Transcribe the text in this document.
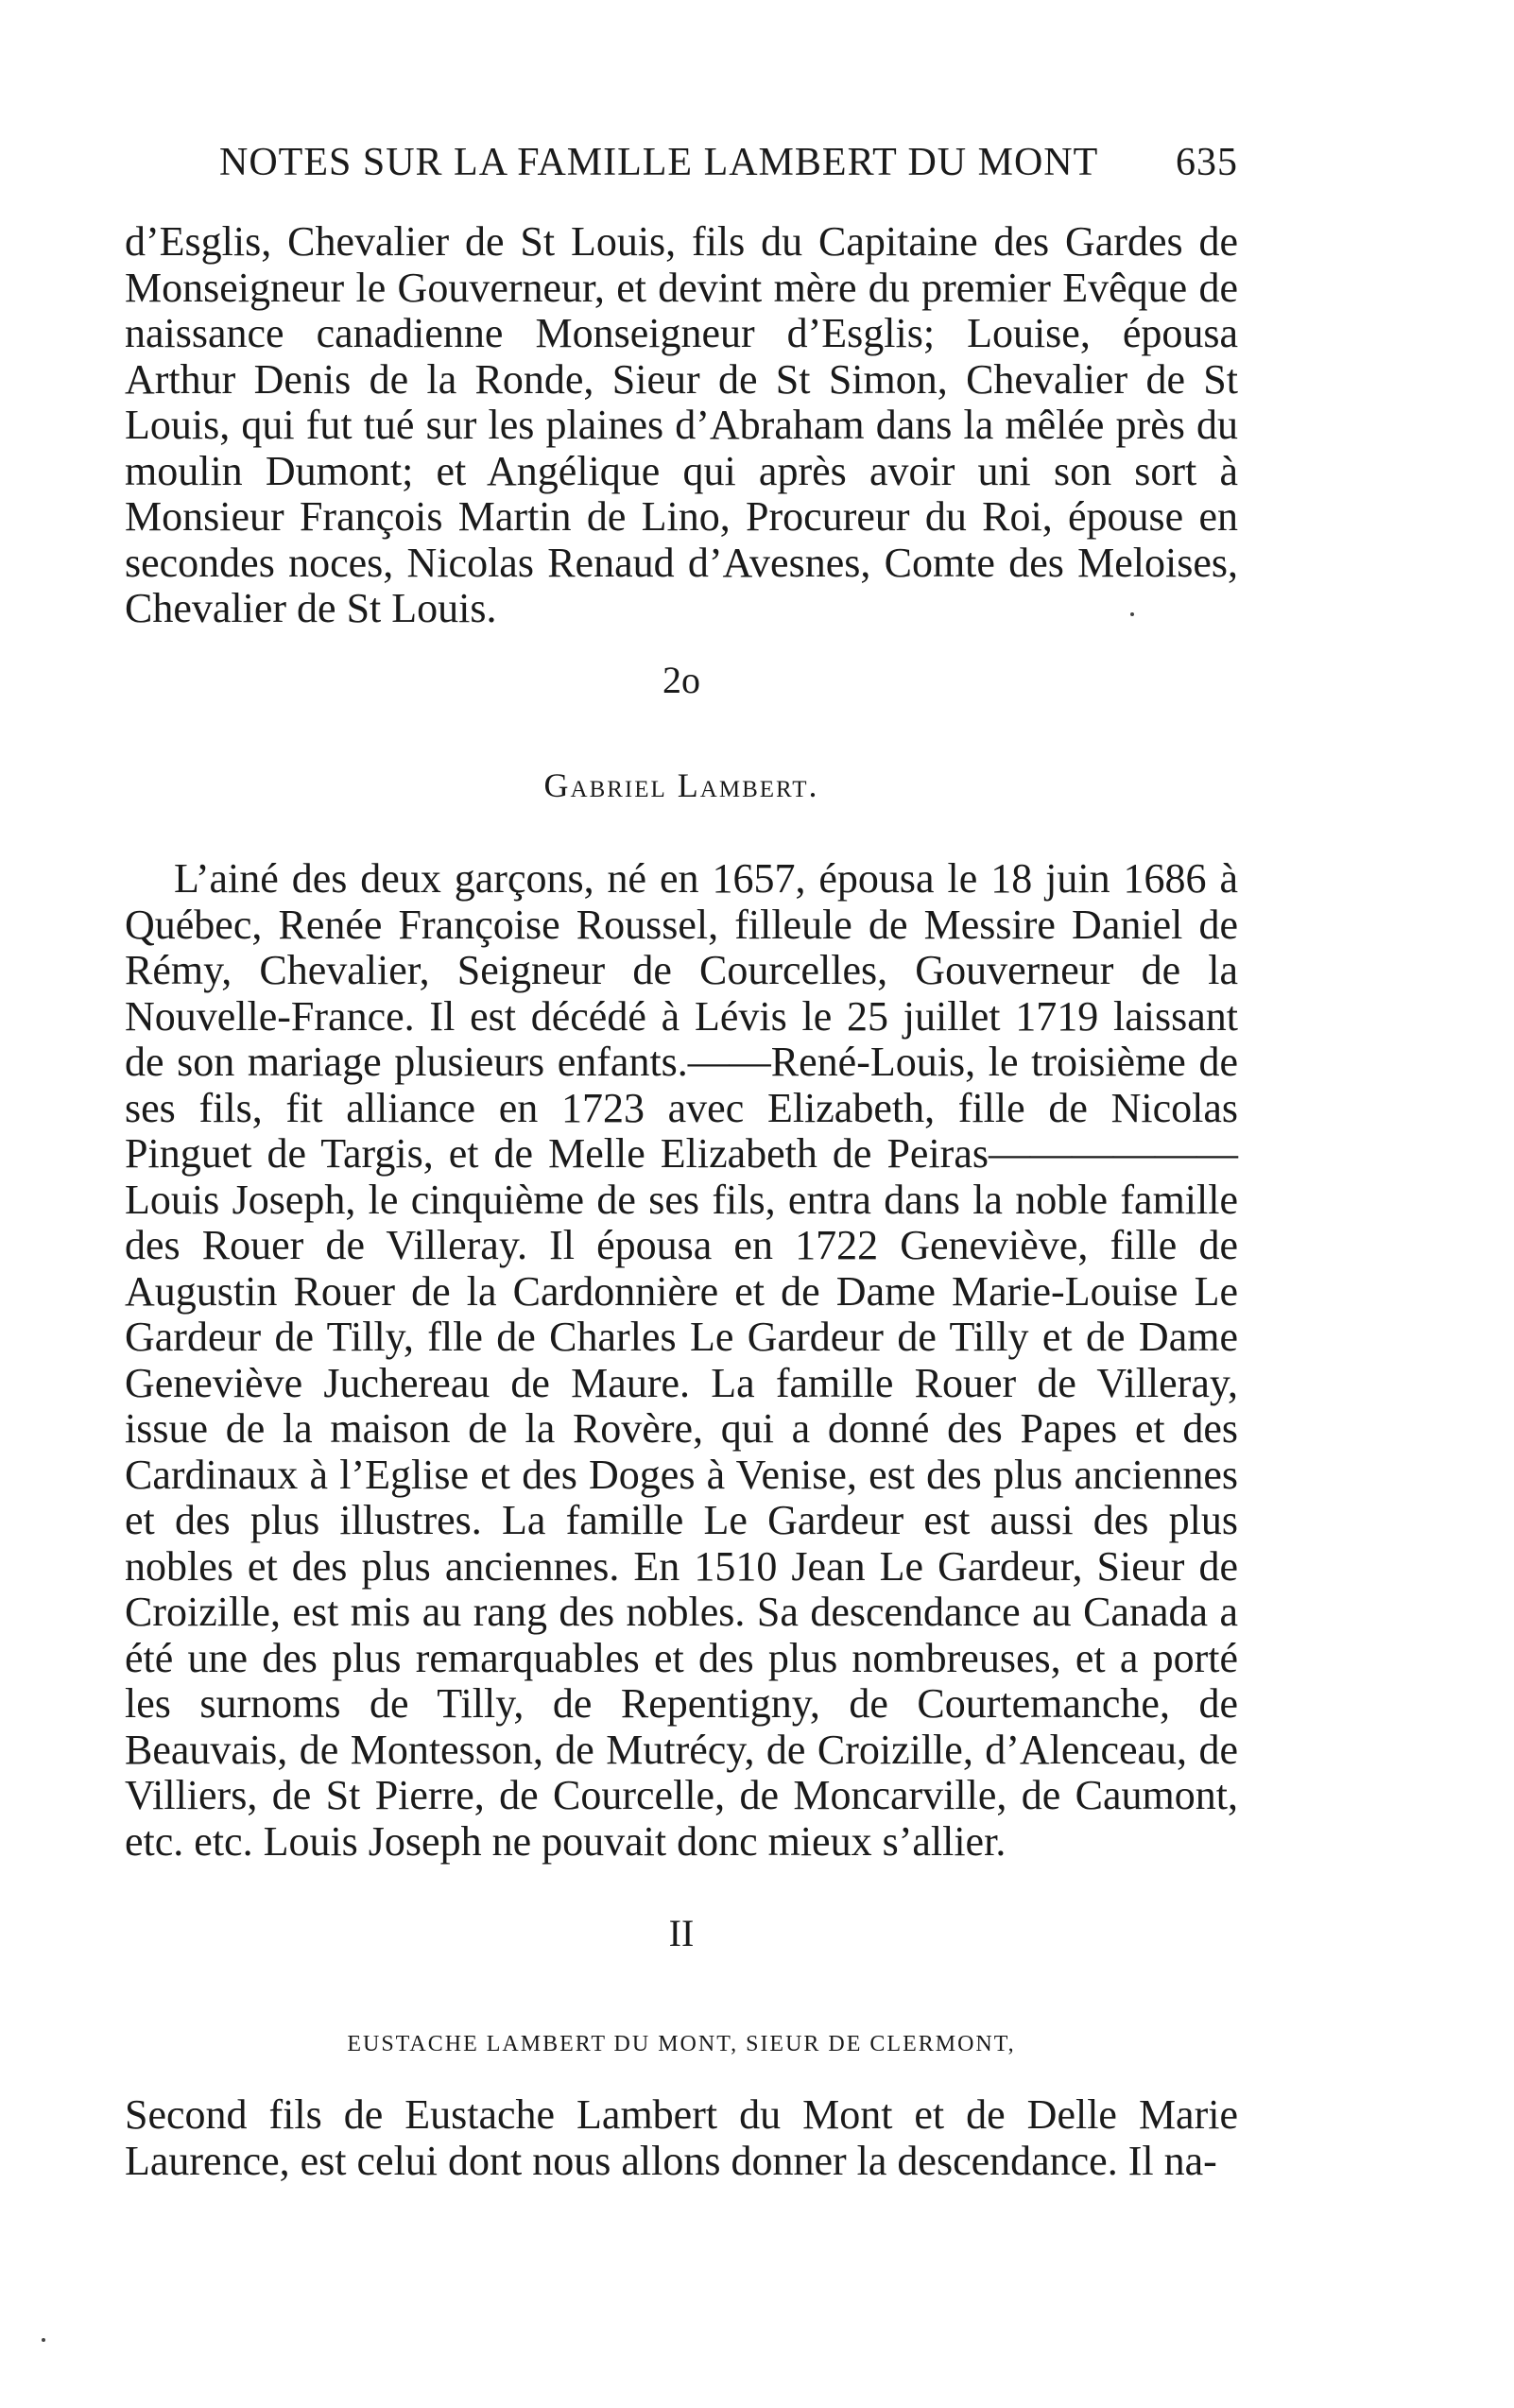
NOTES SUR LA FAMILLE LAMBERT DU MONT 635

d’Esglis, Chevalier de St Louis, fils du Capitaine des Gardes de Monseigneur le Gouverneur, et devint mère du premier Evêque de naissance canadienne Monseigneur d’Esglis; Louise, épousa Arthur Denis de la Ronde, Sieur de St Simon, Chevalier de St Louis, qui fut tué sur les plaines d’Abraham dans la mêlée près du moulin Dumont; et Angélique qui après avoir uni son sort à Monsieur François Martin de Lino, Procureur du Roi, épouse en secondes noces, Nicolas Renaud d’Avesnes, Comte des Meloises, Chevalier de St Louis.

2o
Gabriel Lambert.

L’ainé des deux garçons, né en 1657, épousa le 18 juin 1686 à Québec, Renée Françoise Roussel, filleule de Messire Daniel de Rémy, Chevalier, Seigneur de Courcelles, Gouverneur de la Nouvelle-France. Il est décédé à Lévis le 25 juillet 1719 laissant de son mariage plusieurs enfants.——René-Louis, le troisième de ses fils, fit alliance en 1723 avec Elizabeth, fille de Nicolas Pinguet de Targis, et de Melle Elizabeth de Peiras——————Louis Joseph, le cinquième de ses fils, entra dans la noble famille des Rouer de Villeray. Il épousa en 1722 Geneviève, fille de Augustin Rouer de la Cardonnière et de Dame Marie-Louise Le Gardeur de Tilly, flle de Charles Le Gardeur de Tilly et de Dame Geneviève Juchereau de Maure. La famille Rouer de Villeray, issue de la maison de la Rovère, qui a donné des Papes et des Cardinaux à l’Eglise et des Doges à Venise, est des plus anciennes et des plus illustres. La famille Le Gardeur est aussi des plus nobles et des plus anciennes. En 1510 Jean Le Gardeur, Sieur de Croizille, est mis au rang des nobles. Sa descendance au Canada a été une des plus remarquables et des plus nombreuses, et a porté les surnoms de Tilly, de Repentigny, de Courtemanche, de Beauvais, de Montesson, de Mutrécy, de Croizille, d’Alenceau, de Villiers, de St Pierre, de Courcelle, de Moncarville, de Caumont, etc. etc. Louis Joseph ne pouvait donc mieux s’allier.

II
EUSTACHE LAMBERT DU MONT, SIEUR DE CLERMONT,

Second fils de Eustache Lambert du Mont et de Delle Marie Laurence, est celui dont nous allons donner la descendance. Il na-
